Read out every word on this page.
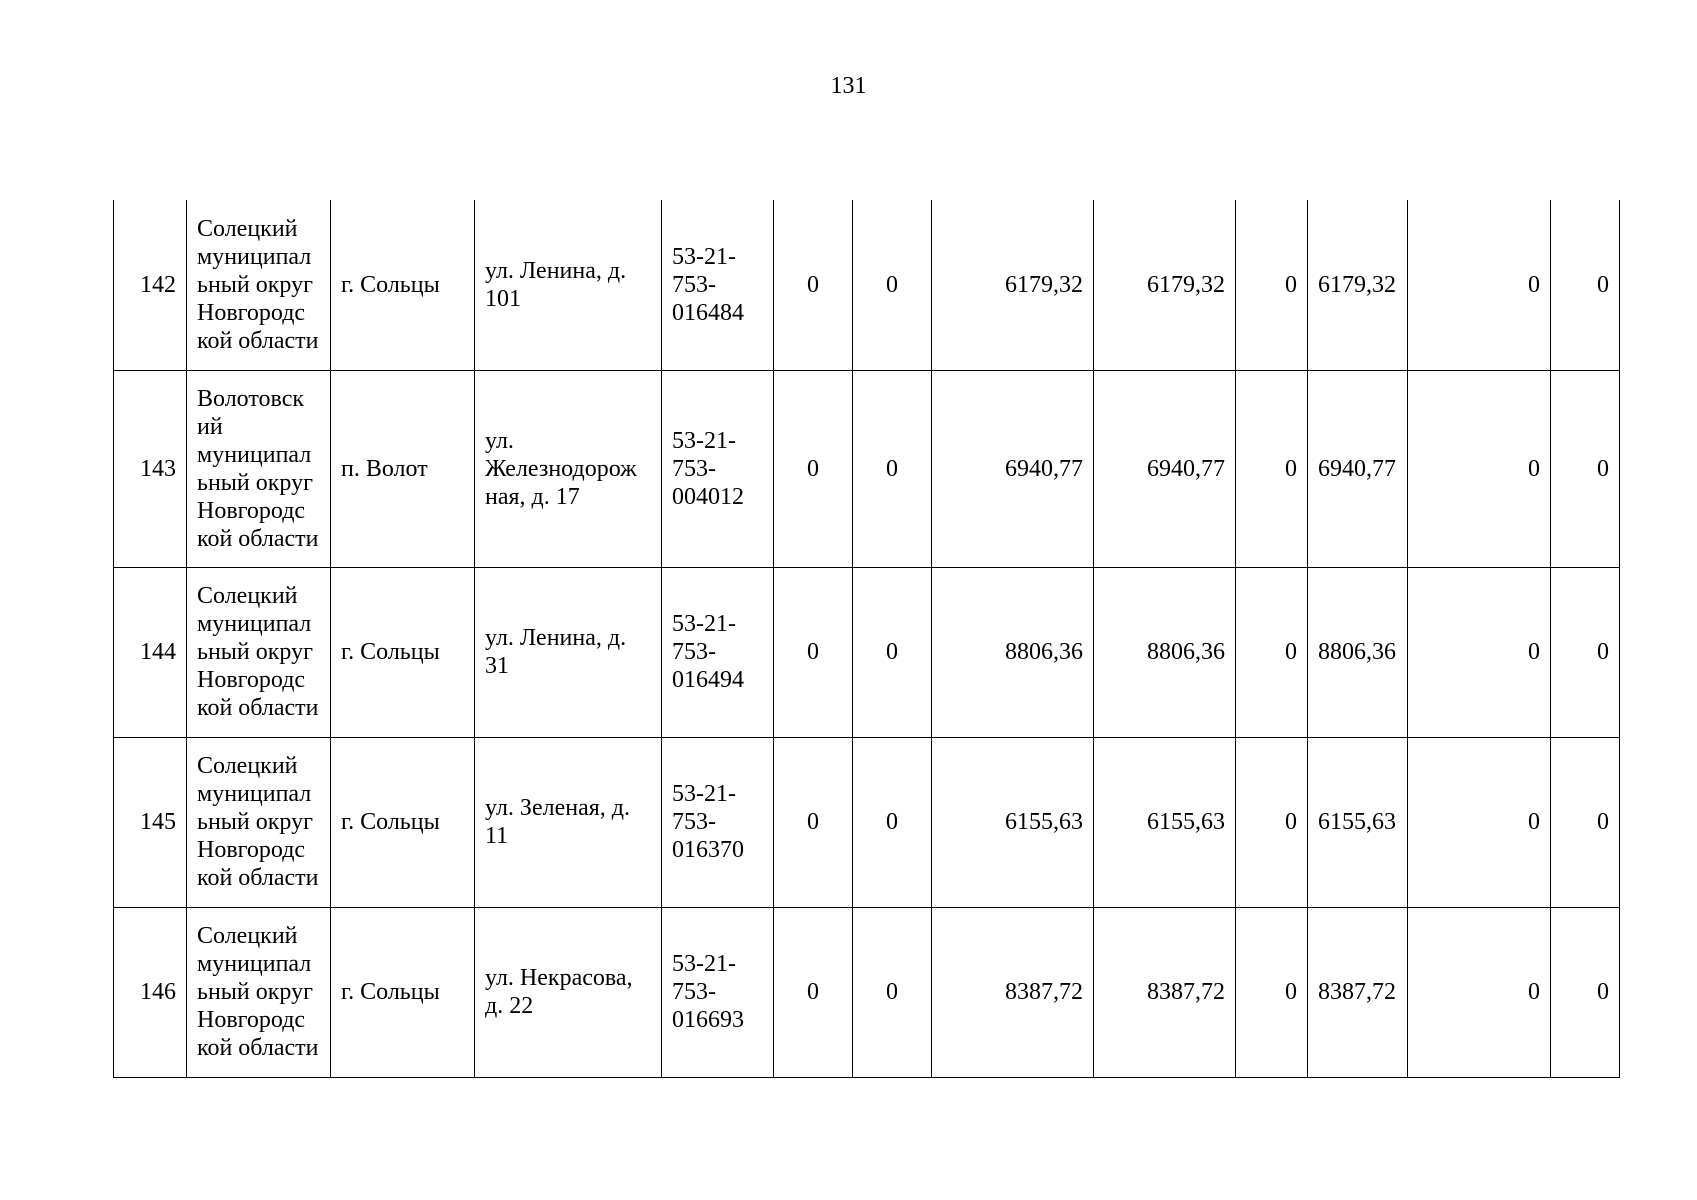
131
142	Солецкий муниципал ьный округ Новгородс кой области	г. Сольцы	ул. Ленина, д. 101	53-21- 753- 016484	0	0	6179,32	6179,32	0	6179,32	0	0
143	Волотовск ий муниципал ьный округ Новгородс кой области	п. Волот	ул. Железнодорож ная, д. 17	53-21- 753- 004012	0	0	6940,77	6940,77	0	6940,77	0	0
144	Солецкий муниципал ьный округ Новгородс кой области	г. Сольцы	ул. Ленина, д. 31	53-21- 753- 016494	0	0	8806,36	8806,36	0	8806,36	0	0
145	Солецкий муниципал ьный округ Новгородс кой области	г. Сольцы	ул. Зеленая, д. 11	53-21- 753- 016370	0	0	6155,63	6155,63	0	6155,63	0	0
146	Солецкий муниципал ьный округ Новгородс кой области	г. Сольцы	ул. Некрасова, д. 22	53-21- 753- 016693	0	0	8387,72	8387,72	0	8387,72	0	0
